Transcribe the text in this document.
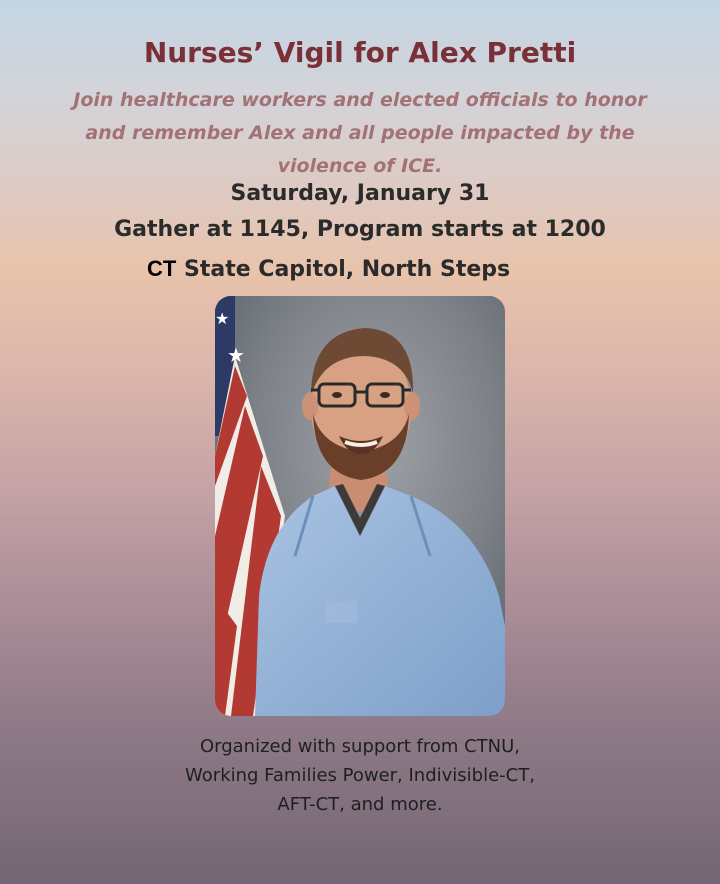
Nurses’ Vigil for Alex Pretti
Join healthcare workers and elected officials to honor and remember Alex and all people impacted by the violence of ICE.
Saturday, January 31
Gather at 1145, Program starts at 1200
CT State Capitol, North Steps
★
★
Organized with support from CTNU, Working Families Power, Indivisible-CT, AFT-CT, and more.
